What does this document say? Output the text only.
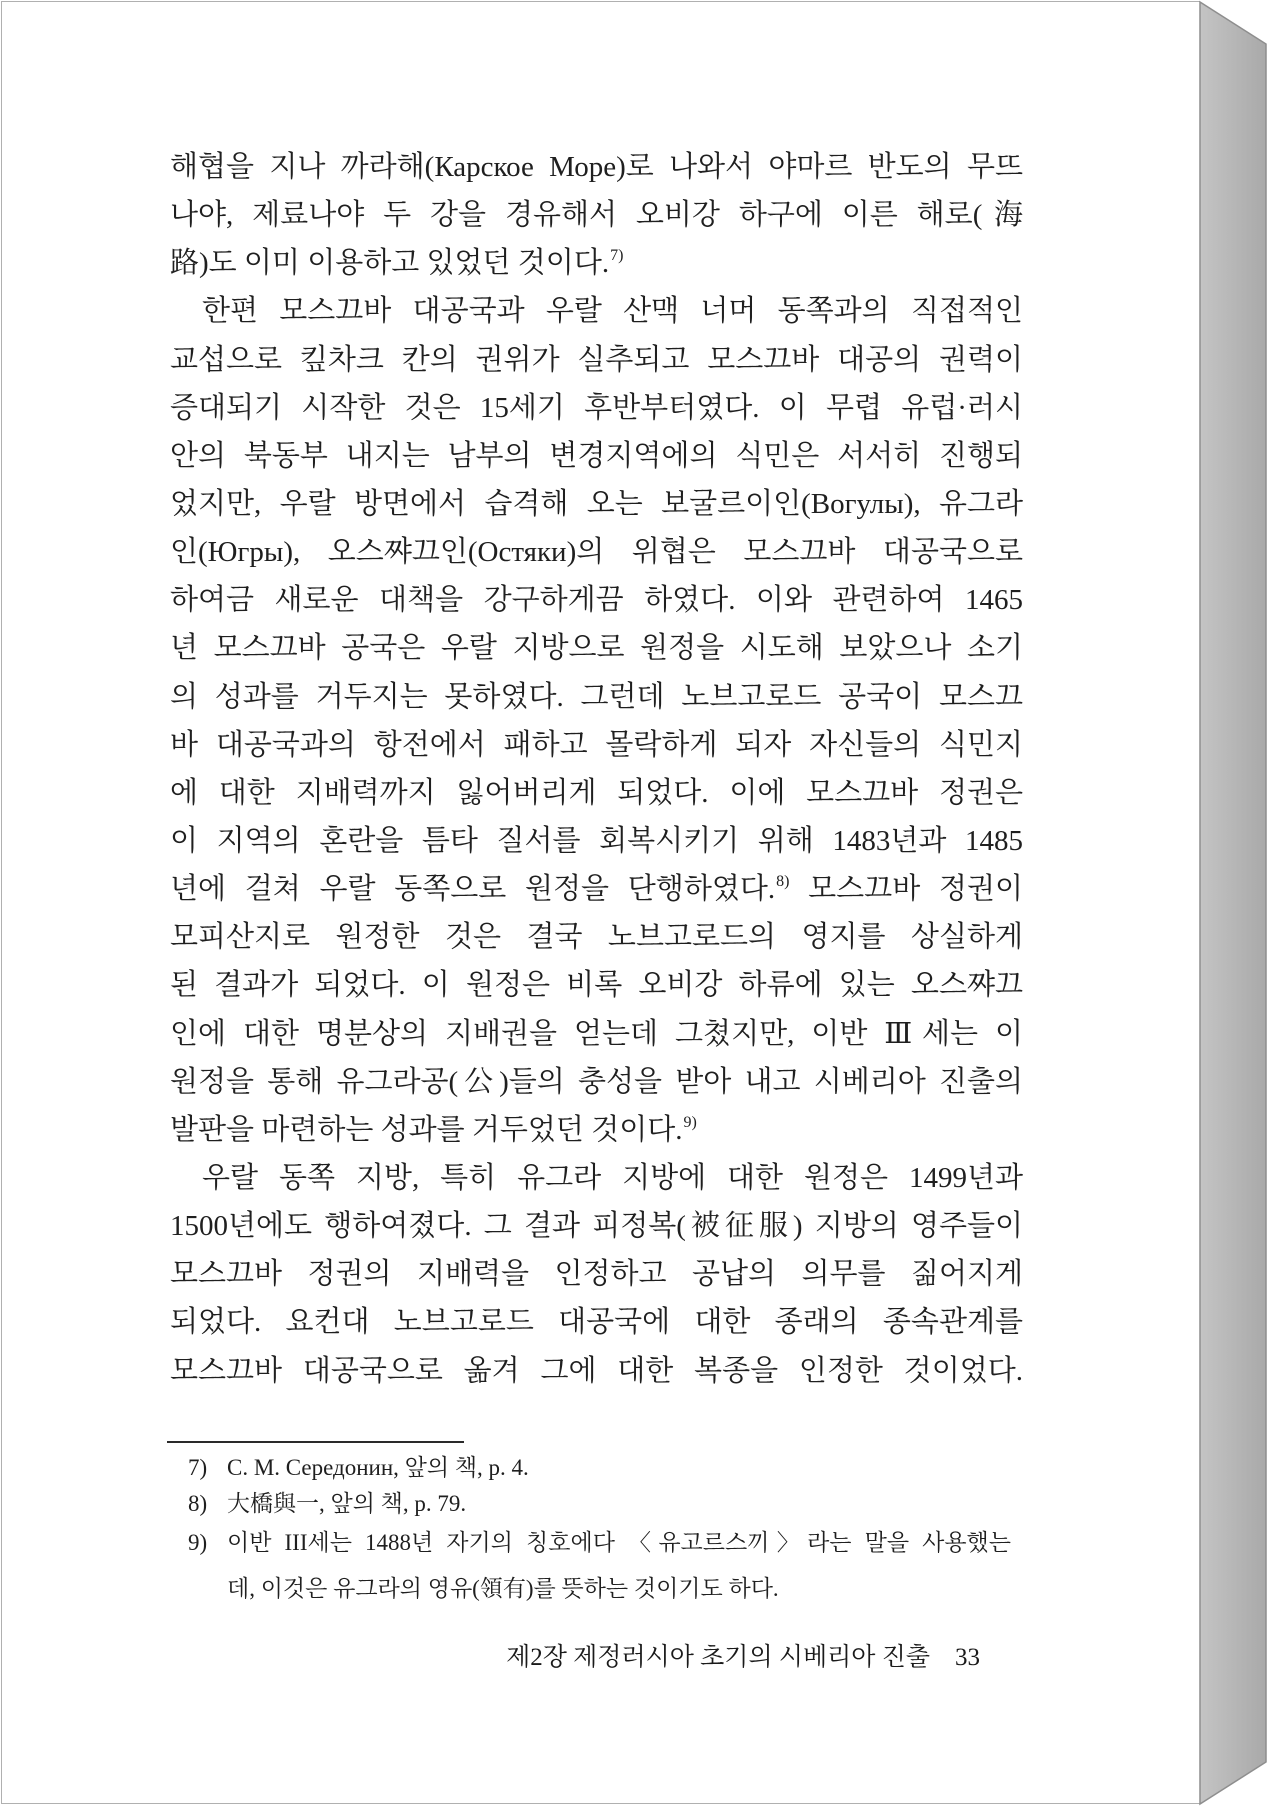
해협을 지나 까라해(Карское Море)로 나와서 야마르 반도의 무뜨
나야, 제료나야 두 강을 경유해서 오비강 하구에 이른 해로(海
路)도 이미 이용하고 있었던 것이다.$^{7)}$
한편 모스끄바 대공국과 우랄 산맥 너머 동쪽과의 직접적인
교섭으로 킾차크 칸의 권위가 실추되고 모스끄바 대공의 권력이
증대되기 시작한 것은 15세기 후반부터였다. 이 무렵 유럽·러시
안의 북동부 내지는 남부의 변경지역에의 식민은 서서히 진행되
었지만, 우랄 방면에서 습격해 오는 보굴르이인(Вогулы), 유그라
인(Югры), 오스쨔끄인(Остяки)의 위협은 모스끄바 대공국으로
하여금 새로운 대책을 강구하게끔 하였다. 이와 관련하여 1465
년 모스끄바 공국은 우랄 지방으로 원정을 시도해 보았으나 소기
의 성과를 거두지는 못하였다. 그런데 노브고로드 공국이 모스끄
바 대공국과의 항전에서 패하고 몰락하게 되자 자신들의 식민지
에 대한 지배력까지 잃어버리게 되었다. 이에 모스끄바 정권은
이 지역의 혼란을 틈타 질서를 회복시키기 위해 1483년과 1485
년에 걸쳐 우랄 동쪽으로 원정을 단행하였다.$^{8)}$ 모스끄바 정권이
모피산지로 원정한 것은 결국 노브고로드의 영지를 상실하게
된 결과가 되었다. 이 원정은 비록 오비강 하류에 있는 오스쨔끄
인에 대한 명분상의 지배권을 얻는데 그쳤지만, 이반 Ⅲ세는 이
원정을 통해 유그라공(公)들의 충성을 받아 내고 시베리아 진출의
발판을 마련하는 성과를 거두었던 것이다.$^{9)}$
우랄 동쪽 지방, 특히 유그라 지방에 대한 원정은 1499년과
1500년에도 행하여졌다. 그 결과 피정복(被征服) 지방의 영주들이
모스끄바 정권의 지배력을 인정하고 공납의 의무를 짊어지게
되었다. 요컨대 노브고로드 대공국에 대한 종래의 종속관계를
모스끄바 대공국으로 옮겨 그에 대한 복종을 인정한 것이었다.
7) С. М. Середонин, 앞의 책, p. 4.
8) 大橋與一, 앞의 책, p. 79.
9) 이반 III세는 1488년 자기의 칭호에다 〈유고르스끼〉라는 말을 사용했는
데, 이것은 유그라의 영유(領有)를 뜻하는 것이기도 하다.
제2장 제정러시아 초기의 시베리아 진출 33
